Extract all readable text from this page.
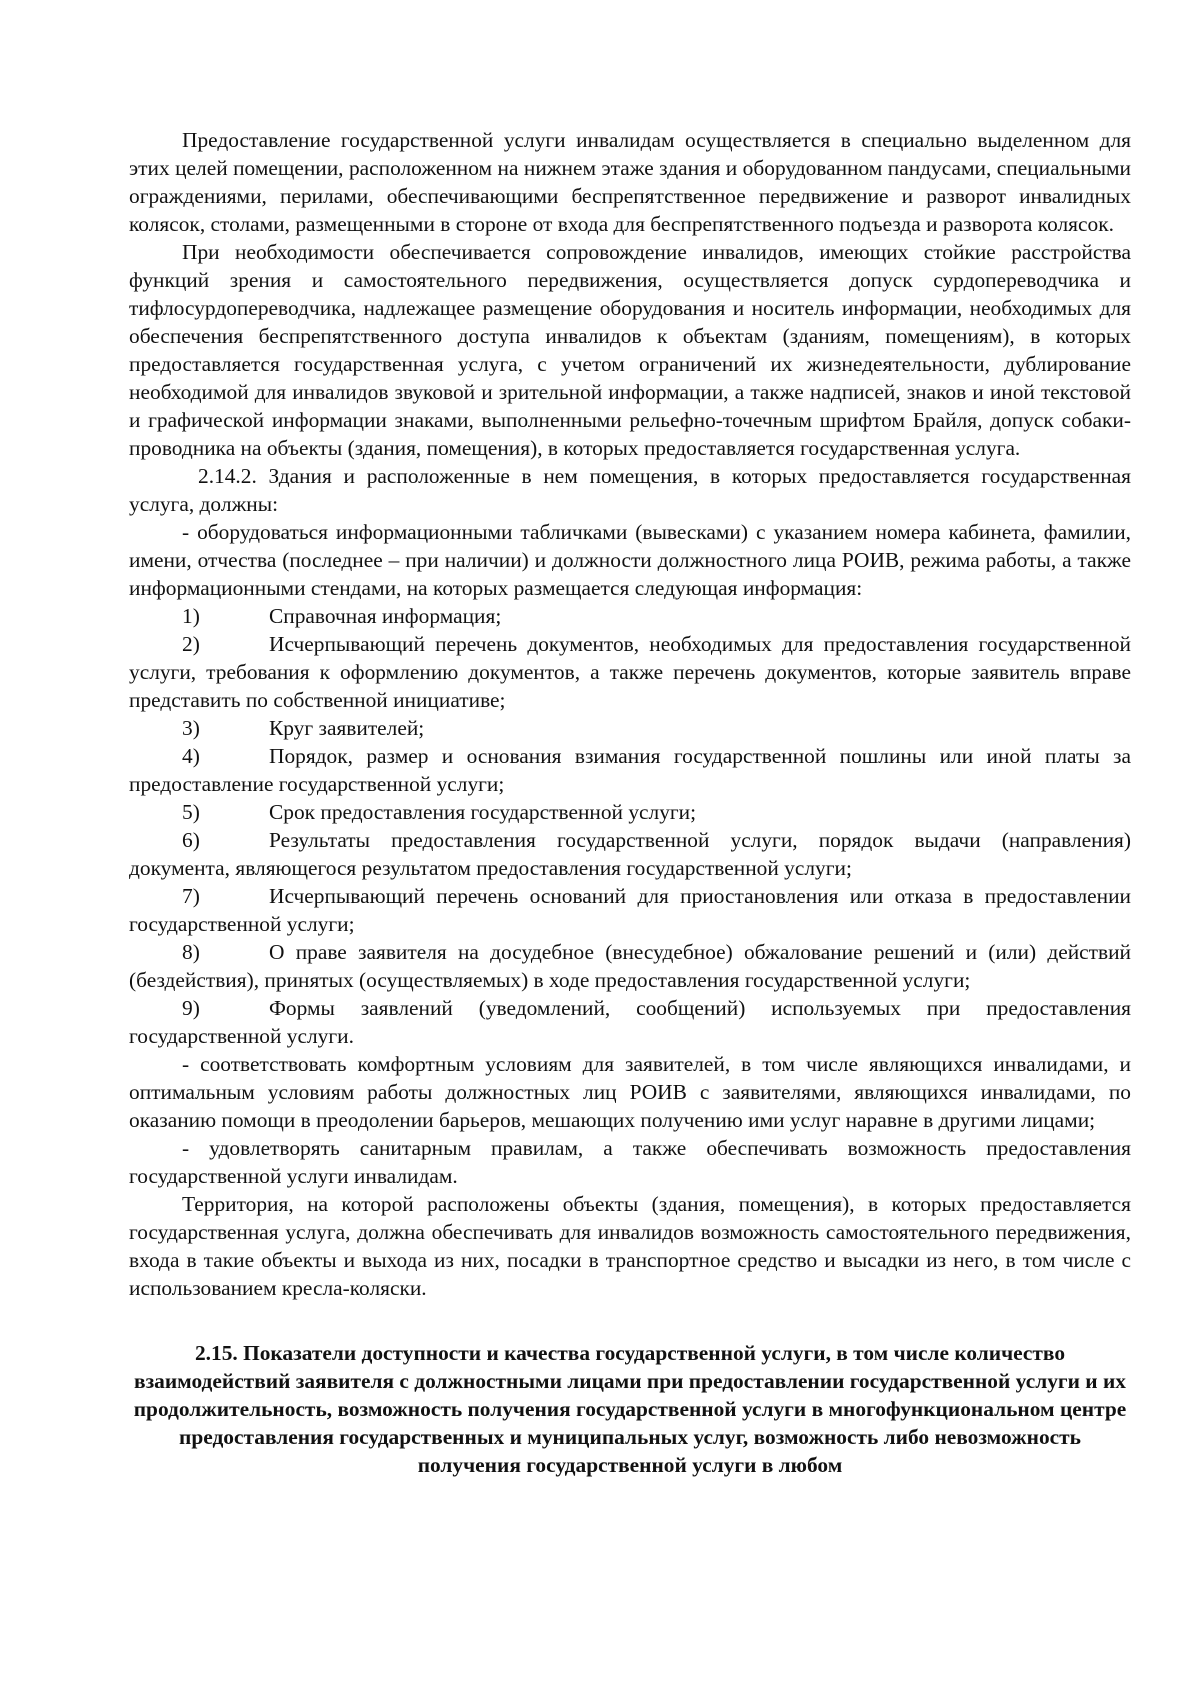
Предоставление государственной услуги инвалидам осуществляется в специально выделенном для этих целей помещении, расположенном на нижнем этаже здания и оборудованном пандусами, специальными ограждениями, перилами, обеспечивающими беспрепятственное передвижение и разворот инвалидных колясок, столами, размещенными в стороне от входа для беспрепятственного подъезда и разворота колясок.

При необходимости обеспечивается сопровождение инвалидов, имеющих стойкие расстройства функций зрения и самостоятельного передвижения, осуществляется допуск сурдопереводчика и тифлосурдопереводчика, надлежащее размещение оборудования и носитель информации, необходимых для обеспечения беспрепятственного доступа инвалидов к объектам (зданиям, помещениям), в которых предоставляется государственная услуга, с учетом ограничений их жизнедеятельности, дублирование необходимой для инвалидов звуковой и зрительной информации, а также надписей, знаков и иной текстовой и графической информации знаками, выполненными рельефно-точечным шрифтом Брайля, допуск собаки-проводника на объекты (здания, помещения), в которых предоставляется государственная услуга.

2.14.2. Здания и расположенные в нем помещения, в которых предоставляется государственная услуга, должны:

- оборудоваться информационными табличками (вывесками) с указанием номера кабинета, фамилии, имени, отчества (последнее – при наличии) и должности должностного лица РОИВ, режима работы, а также информационными стендами, на которых размещается следующая информация:

1)	Справочная информация;

2)	Исчерпывающий перечень документов, необходимых для предоставления государственной услуги, требования к оформлению документов, а также перечень документов, которые заявитель вправе представить по собственной инициативе;

3)	Круг заявителей;

4)	Порядок, размер и основания взимания государственной пошлины или иной платы за предоставление государственной услуги;

5)	Срок предоставления государственной услуги;

6)	Результаты предоставления государственной услуги, порядок выдачи (направления) документа, являющегося результатом предоставления государственной услуги;

7)	Исчерпывающий перечень оснований для приостановления или отказа в предоставлении государственной услуги;

8)	О праве заявителя на досудебное (внесудебное) обжалование решений и (или) действий (бездействия), принятых (осуществляемых) в ходе предоставления государственной услуги;

9)	Формы заявлений (уведомлений, сообщений) используемых при предоставления государственной услуги.

- соответствовать комфортным условиям для заявителей, в том числе являющихся инвалидами, и оптимальным условиям работы должностных лиц РОИВ с заявителями, являющихся инвалидами, по оказанию помощи в преодолении барьеров, мешающих получению ими услуг наравне в другими лицами;

- удовлетворять санитарным правилам, а также обеспечивать возможность предоставления государственной услуги инвалидам.

Территория, на которой расположены объекты (здания, помещения), в которых предоставляется государственная услуга, должна обеспечивать для инвалидов возможность самостоятельного передвижения, входа в такие объекты и выхода из них, посадки в транспортное средство и высадки из него, в том числе с использованием кресла-коляски.

2.15. Показатели доступности и качества государственной услуги, в том числе количество взаимодействий заявителя с должностными лицами при предоставлении государственной услуги и их продолжительность, возможность получения государственной услуги в многофункциональном центре предоставления государственных и муниципальных услуг, возможность либо невозможность получения государственной услуги в любом
